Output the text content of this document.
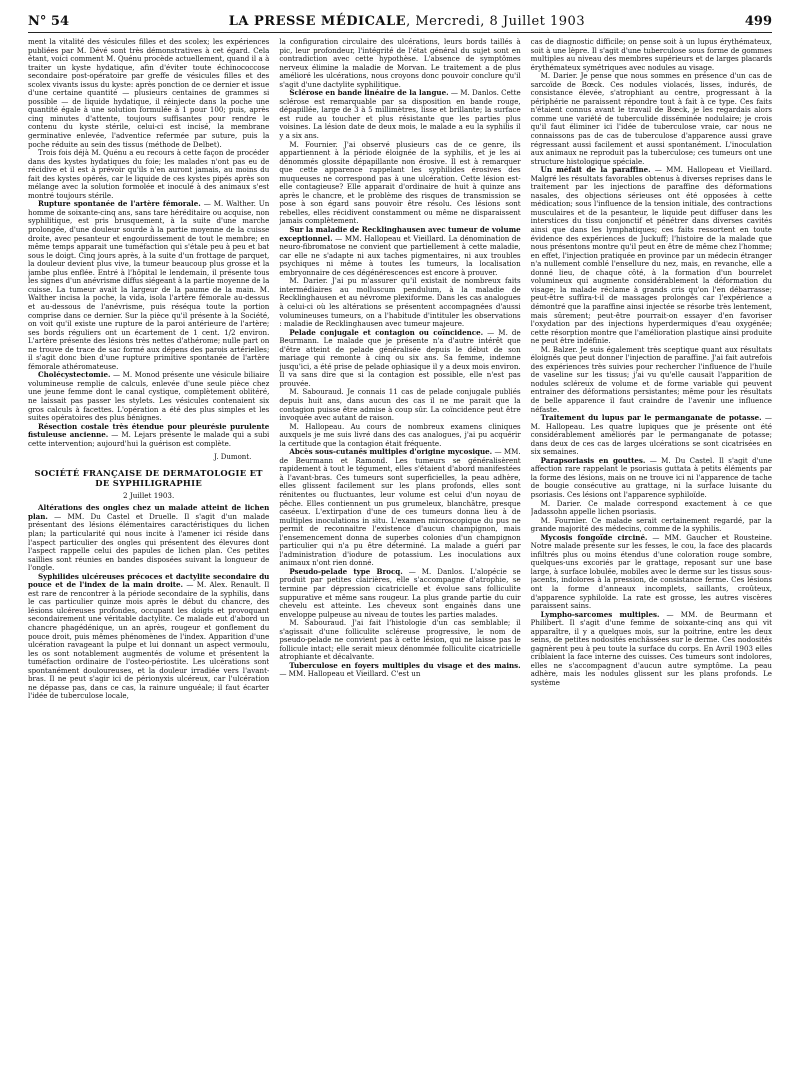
N° 54	LA PRESSE MÉDICALE, Mercredi, 8 Juillet 1903	499

ment la vitalité des vésicules filles et des scolex; les expériences publiées par M. Dévé sont très démonstratives à cet égard. Cela étant, voici comment M. Quénu procède actuellement, quand il a à traiter un kyste hydatique, afin d'éviter toute échinococcose secondaire post-opératoire par greffe de vésicules filles et des scolex vivants issus du kyste: après ponction de ce dernier et issue d'une certaine quantité — plusieurs centaines de grammes si possible — de liquide hydatique, il réinjecte dans la poche une quantité égale à une solution formulée à 1 pour 100; puis, après cinq minutes d'attente, toujours suffisantes pour rendre le contenu du kyste stérile, celui-ci est incisé, la membrane germinative enlevée, l'adventice refermée par suture, puis la poche réduite au sein des tissus (méthode de Delbet).

Trois fois déjà M. Quénu a eu recours à cette façon de procéder dans des kystes hydatiques du foie; les malades n'ont pas eu de récidive et il est à prévoir qu'ils n'en auront jamais, au moins du fait des kystes opérés, car le liquide de ces kystes pipés après son mélange avec la solution formolée et inoculé à des animaux s'est montré toujours stérile.

Rupture spontanée de l'artère fémorale. — M. Walther. Un homme de soixante-cinq ans, sans tare héréditaire ou acquise, non syphilitique, est pris brusquement, à la suite d'une marche prolongée, d'une douleur sourde à la partie moyenne de la cuisse droite, avec pesanteur et engourdissement de tout le membre; en même temps apparait une tuméfaction qui s'étale peu à peu et bat sous le doigt. Cinq jours après, à la suite d'un frottage de parquet, la douleur devient plus vive, la tumeur beaucoup plus grosse et la jambe plus enflée. Entré à l'hôpital le lendemain, il présente tous les signes d'un anévrisme diffus siégeant à la partie moyenne de la cuisse. La tumeur avait la largeur de la paume de la main. M. Walther incisa la poche, la vida, isola l'artère fémorale au-dessus et au-dessous de l'anévrisme, puis réséqua toute la portion comprise dans ce dernier. Sur la pièce qu'il présente à la Société, on voit qu'il existe une rupture de la paroi antérieure de l'artère; ses bords réguliers ont un écartement de 1 cent. 1/2 environ. L'artère présente des lésions très nettes d'athérome; nulle part on ne trouve de trace de sac formé aux dépens des parois artérielles; il s'agit donc bien d'une rupture primitive spontanée de l'artère fémorale athéromateuse.

Cholécystectomie. — M. Monod présente une vésicule biliaire volumineuse remplie de calculs, enlevée d'une seule pièce chez une jeune femme dont le canal cystique, complètement oblitéré, ne laissait pas passer les stylets. Les vésicules contenaient six gros calculs à facettes. L'opération a été des plus simples et les suites opératoires des plus bénignes.

Résection costale très étendue pour pleurésie purulente fistuleuse ancienne. — M. Lejars présente le malade qui a subi cette intervention; aujourd'hui la guérison est complète.

J. Dumont.
SOCIÉTÉ FRANÇAISE DE DERMATOLOGIE ET DE SYPHILIGRAPHIE
2 Juillet 1903.

Altérations des ongles chez un malade atteint de lichen plan. — MM. Du Castel et Druelle. Il s'agit d'un malade présentant des lésions élémentaires caractéristiques du lichen plan; la particularité qui nous incite à l'amener ici réside dans l'aspect particulier des ongles qui présentent des élevures dont l'aspect rappelle celui des papules de lichen plan. Ces petites saillies sont réunies en bandes disposées suivant la longueur de l'ongle.

Syphilides ulcéreuses précoces et dactylite secondaire du pouce et de l'index de la main droite. — M. Alex. Renault. Il est rare de rencontrer à la période secondaire de la syphilis, dans le cas particulier quinze mois après le début du chancre, des lésions ulcéreuses profondes, occupant les doigts et provoquant secondairement une véritable dactylite. Ce malade eut d'abord un chancre phagédénique, un an après, rougeur et gonflement du pouce droit, puis mêmes phénomènes de l'index. Apparition d'une ulcération ravageant la pulpe et lui donnant un aspect vermoulu, les os sont notablement augmentés de volume et présentent la tuméfaction ordinaire de l'osteo-périostite. Les ulcérations sont spontanément douloureuses, et la douleur irradiée vers l'avant-bras. Il ne peut s'agir ici de périonyxis ulcéreux, car l'ulcération ne dépasse pas, dans ce cas, la rainure unguéale; il faut écarter l'idée de tuberculose locale,

la configuration circulaire des ulcérations, leurs bords taillés à pic, leur profondeur, l'intégrité de l'état général du sujet sont en contradiction avec cette hypothèse. L'absence de symptômes nerveux élimine la maladie de Morvan. Le traitement a de plus amélioré les ulcérations, nous croyons donc pouvoir conclure qu'il s'agit d'une dactylite syphilitique.

Sclérose en bande linéaire de la langue. — M. Danlos. Cette sclérose est remarquable par sa disposition en bande rouge, dépapillée, large de 3 à 5 millimètres, lisse et brillante; la surface est rude au toucher et plus résistante que les parties plus voisines. La lésion date de deux mois, le malade a eu la syphilis il y a six ans.

M. Fournier. J'ai observé plusieurs cas de ce genre, ils appartiennent à la période éloignée de la syphilis, et je les ai dénommés glossite dépapillante non érosive. Il est à remarquer que cette apparence rappelant les syphilides érosives des muqueuses ne correspond pas à une ulcération. Cette lésion est-elle contagieuse? Elle apparait d'ordinaire de huit à quinze ans après le chancre, et le problème des risques de transmission se pose à son égard sans pouvoir être résolu. Ces lésions sont rebelles, elles récidivent constamment ou même ne disparaissent jamais complètement.

Sur la maladie de Recklinghausen avec tumeur de volume exceptionnel. — MM. Hallopeau et Vieillard. La dénomination de neuro-fibromatose ne convient que partiellement à cette maladie, car elle ne s'adapte ni aux taches pigmentaires, ni aux troubles psychiques ni même à toutes les tumeurs, la localisation embryonnaire de ces dégénérescences est encore à prouver.

M. Darier. J'ai pu m'assurer qu'il existait de nombreux faits intermédiaires au molluscum pendulum, à la maladie de Recklinghausen et au névrome plexiforme. Dans les cas analogues à celui-ci où les altérations se présentent accompagnées d'aussi volumineuses tumeurs, on a l'habitude d'intituler les observations : maladie de Recklinghausen avec tumeur majeure.

Pelade conjugale et contagion ou coïncidence. — M. de Beurmann. Le malade que je présente n'a d'autre intérêt que d'être atteint de pelade généralisée depuis le début de son mariage qui remonte à cinq ou six ans. Sa femme, indemne jusqu'ici, a été prise de pelade ophiasique il y a deux mois environ. Il va sans dire que si la contagion est possible, elle n'est pas prouvée.

M. Sabouraud. Je connais 11 cas de pelade conjugale publiés depuis huit ans, dans aucun des cas il ne me parait que la contagion puisse être admise à coup sûr. La coïncidence peut être invoquée avec autant de raison.

M. Hallopeau. Au cours de nombreux examens cliniques auxquels je me suis livré dans des cas analogues, j'ai pu acquérir la certitude que la contagion était fréquente.

Abcès sous-cutanés multiples d'origine mycosique. — MM. de Beurmann et Ramond. Les tumeurs se généralisèrent rapidement à tout le tégument, elles s'étaient d'abord manifestées à l'avant-bras. Ces tumeurs sont superficielles, la peau adhère, elles glissent facilement sur les plans profonds, elles sont rénitentes ou fluctuantes, leur volume est celui d'un noyau de pêche. Elles contiennent un pus grumeleux, blanchâtre, presque caséeux. L'extirpation d'une de ces tumeurs donna lieu à de multiples inoculations in situ. L'examen microscopique du pus ne permit de reconnaitre l'existence d'aucun champignon, mais l'ensemencement donna de superbes colonies d'un champignon particulier qui n'a pu être déterminé. La malade a guéri par l'administration d'iodure de potassium. Les inoculations aux animaux n'ont rien donné.

Pseudo-pelade type Brocq. — M. Danlos. L'alopécie se produit par petites clairières, elle s'accompagne d'atrophie, se termine par dépression cicatricielle et évolue sans folliculite suppurative et même sans rougeur. La plus grande partie du cuir chevelu est atteinte. Les cheveux sont engainés dans une enveloppe pulpeuse au niveau de toutes les parties malades.

M. Sabouraud. J'ai fait l'histologie d'un cas semblable; il s'agissait d'une folliculite scléreuse progressive, le nom de pseudo-pelade ne convient pas à cette lésion, qui ne laisse pas le follicule intact; elle serait mieux dénommée folliculite cicatricielle atrophiante et décalvante.

Tuberculose en foyers multiples du visage et des mains. — MM. Hallopeau et Vieillard. C'est un

cas de diagnostic difficile; on pense soit à un lupus érythémateux, soit à une lèpre. Il s'agit d'une tuberculose sous forme de gommes multiples au niveau des membres supérieurs et de larges placards érythémateux symétriques avec nodules au visage.

M. Darier. Je pense que nous sommes en présence d'un cas de sarcoïde de Bœck. Ces nodules violacés, lisses, indurés, de consistance élevée, s'atrophiant au centre, progressant à la périphérie ne paraissent répondre tout à fait à ce type. Ces faits n'étaient connus avant le travail de Bœck, je les regardais alors comme une variété de tuberculide disséminée nodulaire; je crois qu'il faut éliminer ici l'idée de tuberculose vraie, car nous ne connaissons pas de cas de tuberculose d'apparence aussi grave régressant aussi facilement et aussi spontanément. L'inoculation aux animaux ne reproduit pas la tuberculose; ces tumeurs ont une structure histologique spéciale.

Un méfait de la paraffine. — MM. Hallopeau et Vieillard. Malgré les résultats favorables obtenus à diverses reprises dans le traitement par les injections de paraffine des déformations nasales, des objections sérieuses ont été opposées à cette médication; sous l'influence de la tension initiale, des contractions musculaires et de la pesanteur, le liquide peut diffuser dans les interstices du tissu conjonctif et pénétrer dans diverses cavités ainsi que dans les lymphatiques; ces faits ressortent en toute évidence des expériences de Juckuff; l'histoire de la malade que nous présentons montre qu'il peut en être de même chez l'homme; en effet, l'injection pratiquée en province par un médecin étranger n'a nullement comblé l'ensellure du nez, mais, en revanche, elle a donné lieu, de chaque côté, à la formation d'un bourrelet volumineux qui augmente considérablement la déformation du visage; la malade réclame à grands cris qu'on l'en débarrasse; peut-être suffira-t-il de massages prolongés car l'expérience a démontré que la paraffine ainsi injectée se résorbe très lentement, mais sûrement; peut-être pourrait-on essayer d'en favoriser l'oxydation par des injections hyperdermiques d'eau oxygénée; cette résorption montre que l'amélioration plastique ainsi produite ne peut être indéfinie.

M. Balzer. Je suis également très sceptique quant aux résultats éloignés que peut donner l'injection de paraffine. J'ai fait autrefois des expériences très suivies pour rechercher l'influence de l'huile de vaseline sur les tissus; j'ai vu qu'elle causait l'apparition de nodules scléreux de volume et de forme variable qui peuvent entrainer des déformations persistantes; même pour les résultats de belle apparence il faut craindre de l'avenir une influence néfaste.

Traitement du lupus par le permanganate de potasse. — M. Hallopeau. Les quatre lupiques que je présente ont été considérablement améliorés par le permanganate de potasse; dans deux de ces cas de larges ulcérations se sont cicatrisées en six semaines.

Parapsoriasis en gouttes. — M. Du Castel. Il s'agit d'une affection rare rappelant le psoriasis guttata à petits éléments par la forme des lésions, mais on ne trouve ici ni l'apparence de tache de bougie consécutive au grattage, ni la surface luisante du psoriasis. Ces lésions ont l'apparence syphiloïde.

M. Darier. Ce malade correspond exactement à ce que Jadassohn appelle lichen psoriasis.

M. Fournier. Ce malade serait certainement regardé, par la grande majorité des médecins, comme de la syphilis.

Mycosis fongoïde circiné. — MM. Gaucher et Rousteine. Notre malade présente sur les fesses, le cou, la face des placards infiltrés plus ou moins étendus d'une coloration rouge sombre, quelques-uns excoriés par le grattage, reposant sur une base large, à surface lobulée, mobiles avec le derme sur les tissus sous-jacents, indolores à la pression, de consistance ferme. Ces lésions ont la forme d'anneaux incomplets, saillants, croûteux, d'apparence syphiloïde. La rate est grosse, les autres viscères paraissent sains.

Lympho-sarcomes multiples. — MM. de Beurmann et Philibert. Il s'agit d'une femme de soixante-cinq ans qui vit apparaître, il y a quelques mois, sur la poitrine, entre les deux seins, de petites nodosités enchâssées sur le derme. Ces nodosités gagnèrent peu à peu toute la surface du corps. En Avril 1903 elles criblaient la face interne des cuisses. Ces tumeurs sont indolores, elles ne s'accompagnent d'aucun autre symptôme. La peau adhère, mais les nodules glissent sur les plans profonds. Le système
